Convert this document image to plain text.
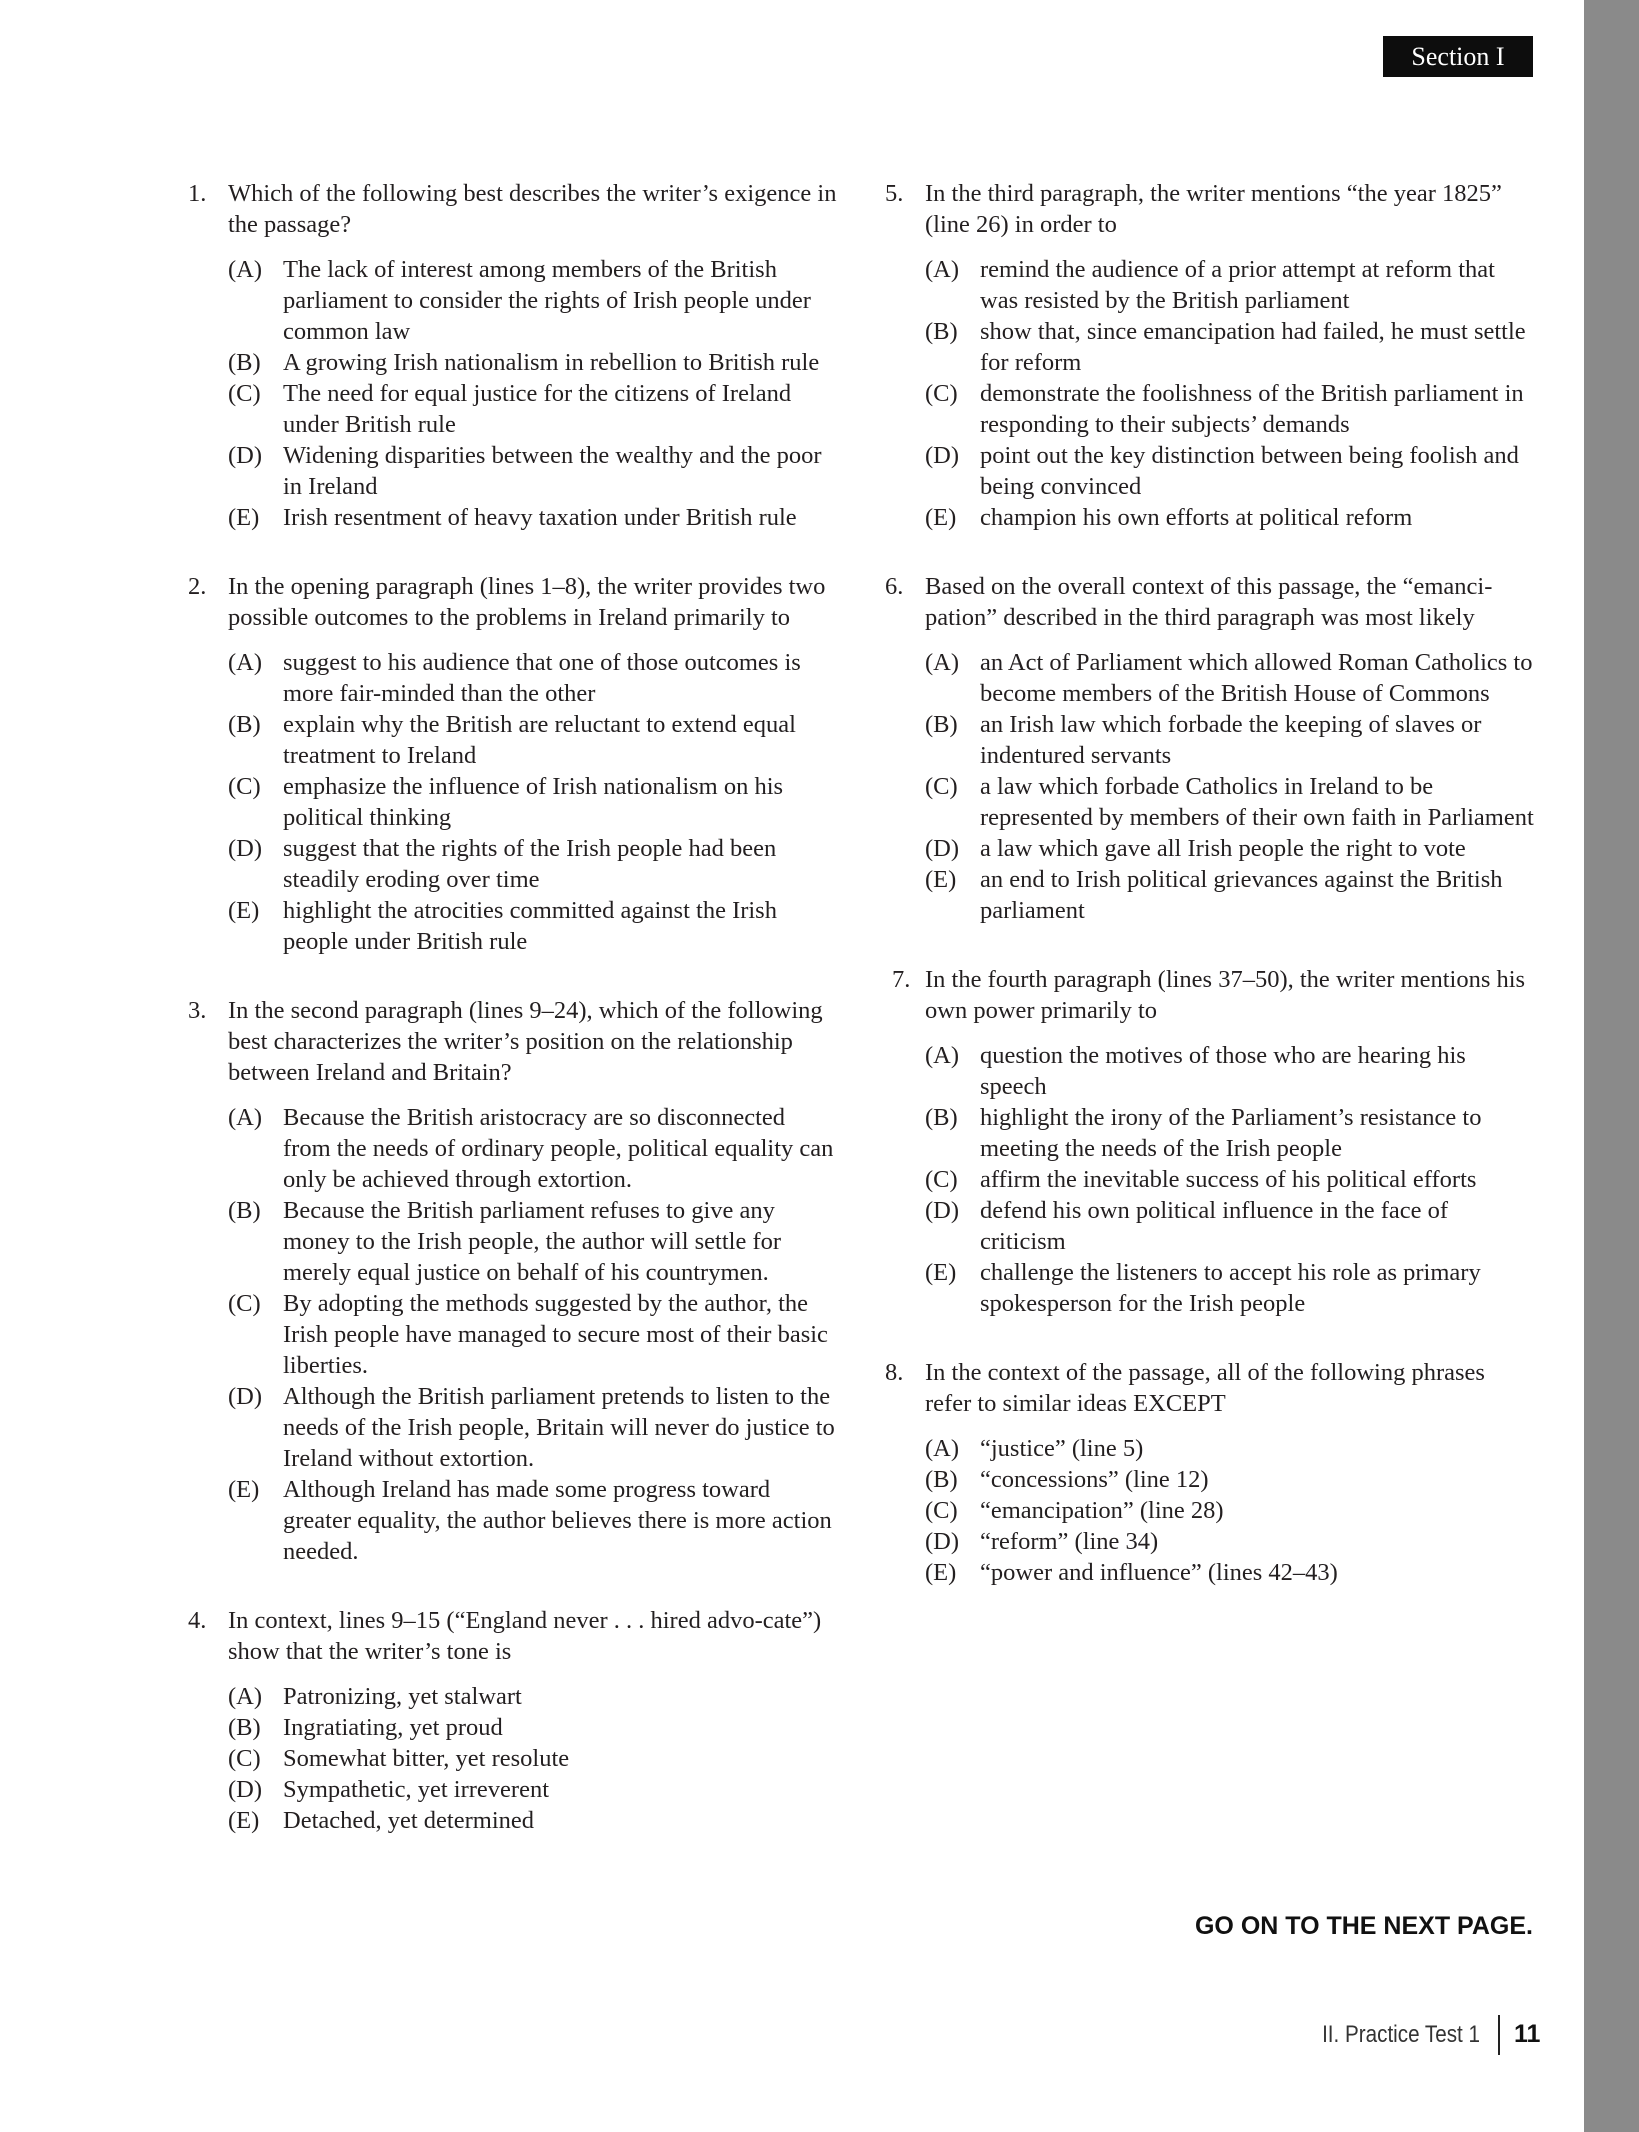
Section I
1. Which of the following best describes the writer’s exigence in the passage?
(A) The lack of interest among members of the British parliament to consider the rights of Irish people under common law
(B) A growing Irish nationalism in rebellion to British rule
(C) The need for equal justice for the citizens of Ireland under British rule
(D) Widening disparities between the wealthy and the poor in Ireland
(E) Irish resentment of heavy taxation under British rule
2. In the opening paragraph (lines 1–8), the writer provides two possible outcomes to the problems in Ireland primarily to
(A) suggest to his audience that one of those outcomes is more fair-minded than the other
(B) explain why the British are reluctant to extend equal treatment to Ireland
(C) emphasize the influence of Irish nationalism on his political thinking
(D) suggest that the rights of the Irish people had been steadily eroding over time
(E) highlight the atrocities committed against the Irish people under British rule
3. In the second paragraph (lines 9–24), which of the following best characterizes the writer’s position on the relationship between Ireland and Britain?
(A) Because the British aristocracy are so disconnected from the needs of ordinary people, political equality can only be achieved through extortion.
(B) Because the British parliament refuses to give any money to the Irish people, the author will settle for merely equal justice on behalf of his countrymen.
(C) By adopting the methods suggested by the author, the Irish people have managed to secure most of their basic liberties.
(D) Although the British parliament pretends to listen to the needs of the Irish people, Britain will never do justice to Ireland without extortion.
(E) Although Ireland has made some progress toward greater equality, the author believes there is more action needed.
4. In context, lines 9–15 (“England never . . . hired advo-cate”) show that the writer’s tone is
(A) Patronizing, yet stalwart
(B) Ingratiating, yet proud
(C) Somewhat bitter, yet resolute
(D) Sympathetic, yet irreverent
(E) Detached, yet determined
5. In the third paragraph, the writer mentions “the year 1825” (line 26) in order to
(A) remind the audience of a prior attempt at reform that was resisted by the British parliament
(B) show that, since emancipation had failed, he must settle for reform
(C) demonstrate the foolishness of the British parliament in responding to their subjects’ demands
(D) point out the key distinction between being foolish and being convinced
(E) champion his own efforts at political reform
6. Based on the overall context of this passage, the “emanci-pation” described in the third paragraph was most likely
(A) an Act of Parliament which allowed Roman Catholics to become members of the British House of Commons
(B) an Irish law which forbade the keeping of slaves or indentured servants
(C) a law which forbade Catholics in Ireland to be represented by members of their own faith in Parliament
(D) a law which gave all Irish people the right to vote
(E) an end to Irish political grievances against the British parliament
7. In the fourth paragraph (lines 37–50), the writer mentions his own power primarily to
(A) question the motives of those who are hearing his speech
(B) highlight the irony of the Parliament’s resistance to meeting the needs of the Irish people
(C) affirm the inevitable success of his political efforts
(D) defend his own political influence in the face of criticism
(E) challenge the listeners to accept his role as primary spokesperson for the Irish people
8. In the context of the passage, all of the following phrases refer to similar ideas EXCEPT
(A) “justice” (line 5)
(B) “concessions” (line 12)
(C) “emancipation” (line 28)
(D) “reform” (line 34)
(E) “power and influence” (lines 42–43)
GO ON TO THE NEXT PAGE.
II. Practice Test 1 11
